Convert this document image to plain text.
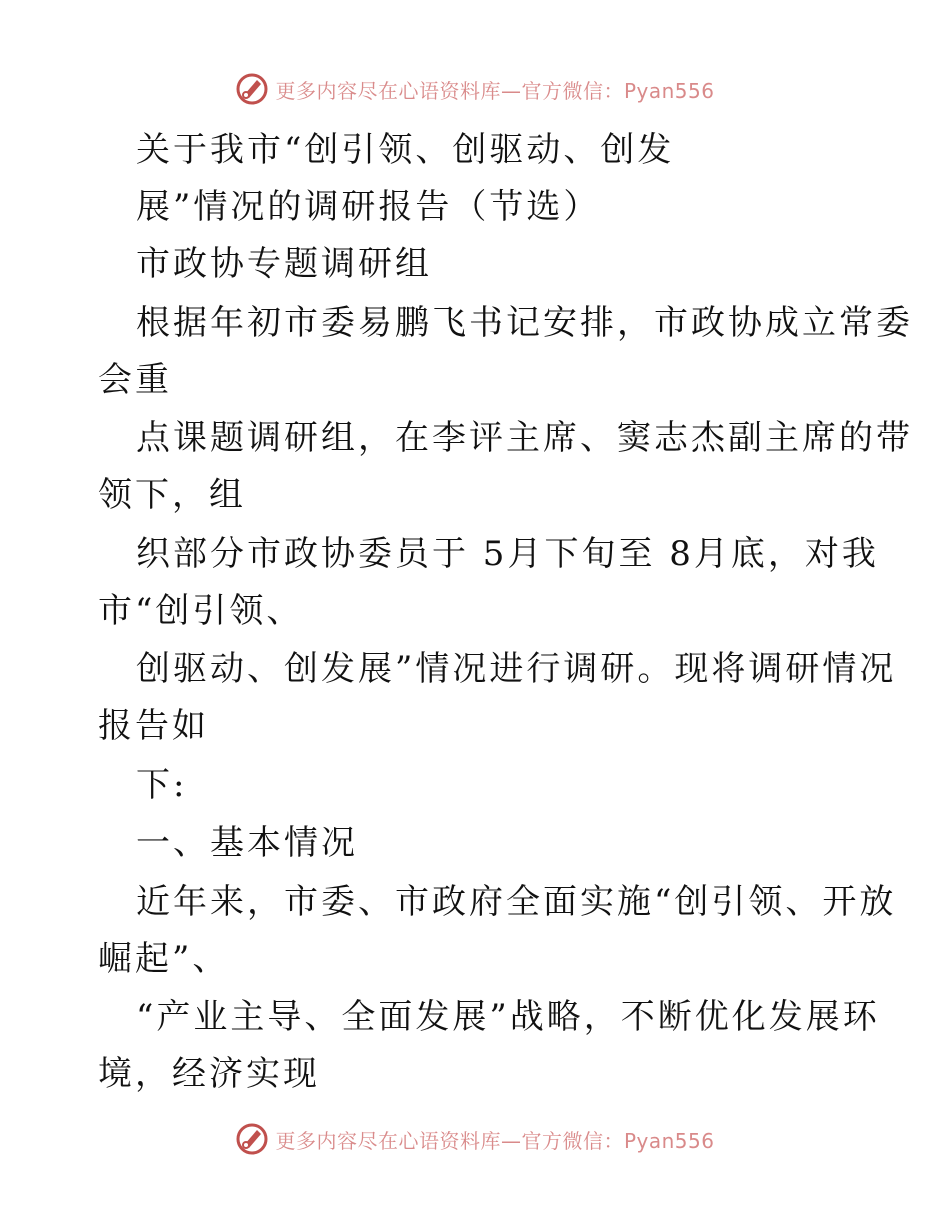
更多内容尽在心语资料库—官方微信：Pyan556
关于我市“创引领、创驱动、创发
展”情况的调研报告（节选）
市政协专题调研组
根据年初市委易鹏飞书记安排，市政协成立常委
会重
点课题调研组，在李评主席、窦志杰副主席的带
领下，组
织部分市政协委员于 5月下旬至 8月底，对我
市“创引领、
创驱动、创发展”情况进行调研。现将调研情况
报告如
下:
一、基本情况
近年来，市委、市政府全面实施“创引领、开放
崛起”、
“产业主导、全面发展”战略，不断优化发展环
境，经济实现
更多内容尽在心语资料库—官方微信：Pyan556
